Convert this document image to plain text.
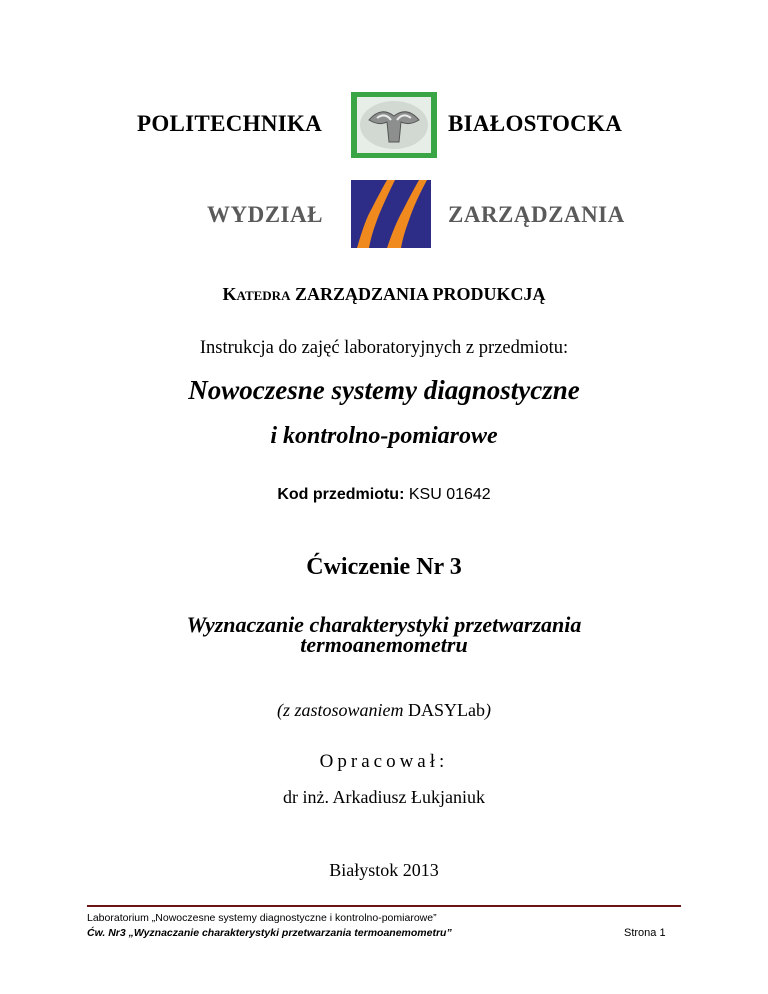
POLITECHNIKA	BIAŁOSTOCKA
WYDZIAŁ	ZARZĄDZANIA
KATEDRA ZARZĄDZANIA PRODUKCJĄ
Instrukcja do zajęć laboratoryjnych z przedmiotu:
Nowoczesne systemy diagnostyczne
i kontrolno-pomiarowe
Kod przedmiotu: KSU 01642
Ćwiczenie Nr 3
Wyznaczanie charakterystyki przetwarzania
termoanemometru
(z zastosowaniem DASYLab)
Opracował:
dr inż. Arkadiusz Łukjaniuk
Białystok 2013
Laboratorium „Nowoczesne systemy diagnostyczne i kontrolno-pomiarowe”
Ćw. Nr3 „Wyznaczanie charakterystyki przetwarzania termoanemometru”	Strona 1
